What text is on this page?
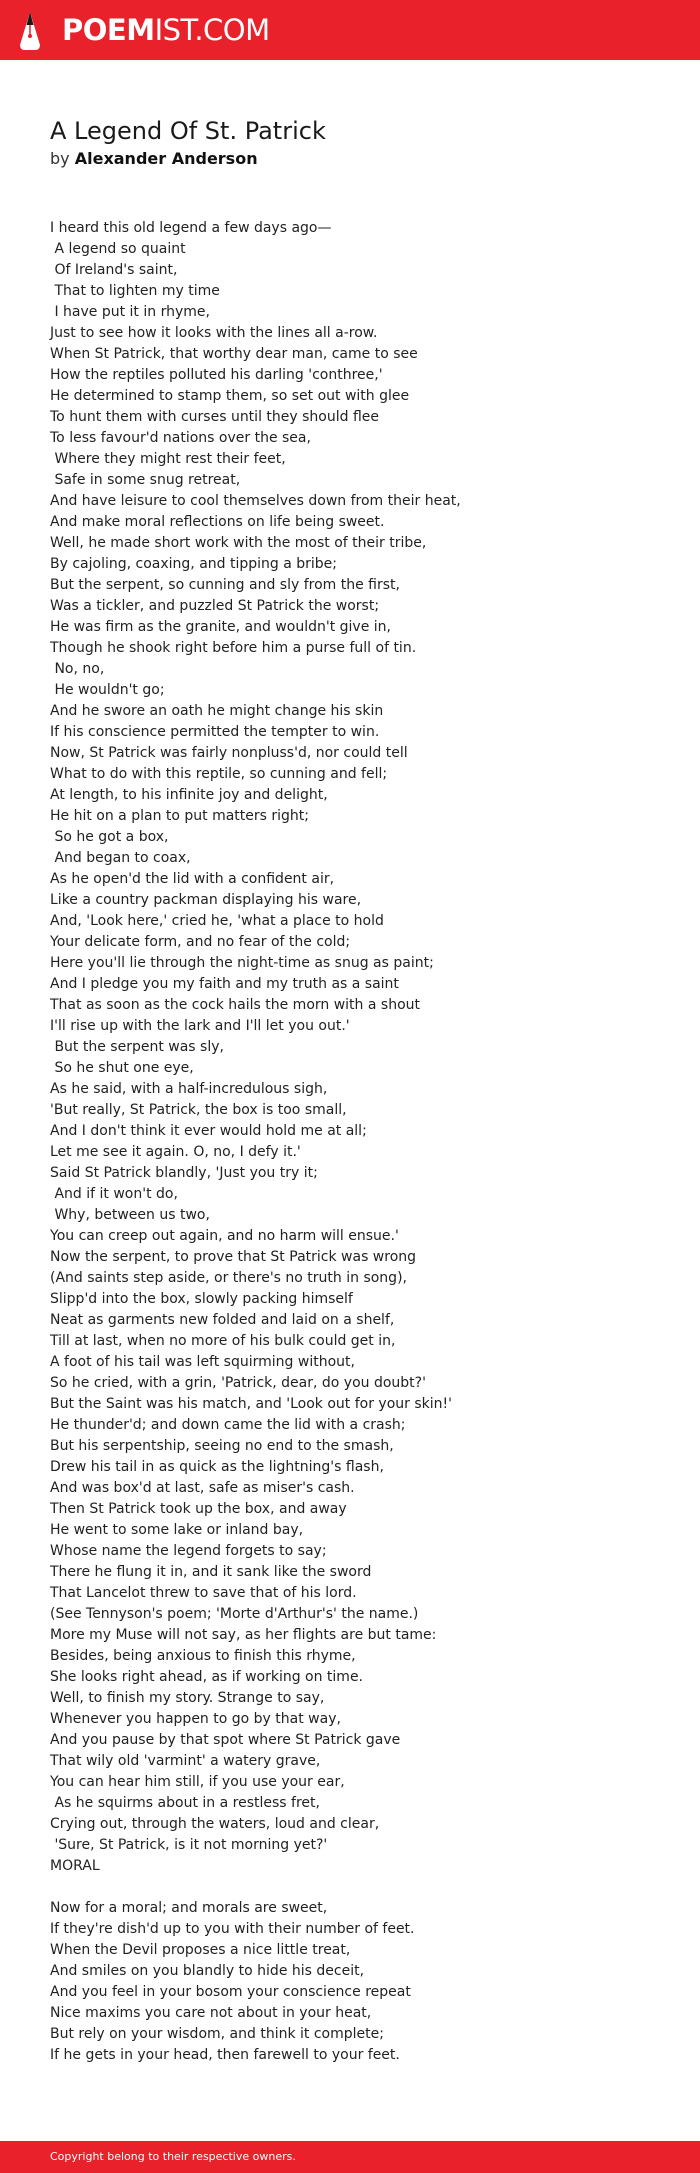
POEMIST.COM
A Legend Of St. Patrick
by Alexander Anderson
I heard this old legend a few days ago—
A legend so quaint
Of Ireland's saint,
That to lighten my time
I have put it in rhyme,
Just to see how it looks with the lines all a-row.
When St Patrick, that worthy dear man, came to see
How the reptiles polluted his darling 'conthree,'
He determined to stamp them, so set out with glee
To hunt them with curses until they should flee
To less favour'd nations over the sea,
Where they might rest their feet,
Safe in some snug retreat,
And have leisure to cool themselves down from their heat,
And make moral reflections on life being sweet.
Well, he made short work with the most of their tribe,
By cajoling, coaxing, and tipping a bribe;
But the serpent, so cunning and sly from the first,
Was a tickler, and puzzled St Patrick the worst;
He was firm as the granite, and wouldn't give in,
Though he shook right before him a purse full of tin.
No, no,
He wouldn't go;
And he swore an oath he might change his skin
If his conscience permitted the tempter to win.
Now, St Patrick was fairly nonpluss'd, nor could tell
What to do with this reptile, so cunning and fell;
At length, to his infinite joy and delight,
He hit on a plan to put matters right;
So he got a box,
And began to coax,
As he open'd the lid with a confident air,
Like a country packman displaying his ware,
And, 'Look here,' cried he, 'what a place to hold
Your delicate form, and no fear of the cold;
Here you'll lie through the night-time as snug as paint;
And I pledge you my faith and my truth as a saint
That as soon as the cock hails the morn with a shout
I'll rise up with the lark and I'll let you out.'
But the serpent was sly,
So he shut one eye,
As he said, with a half-incredulous sigh,
'But really, St Patrick, the box is too small,
And I don't think it ever would hold me at all;
Let me see it again. O, no, I defy it.'
Said St Patrick blandly, 'Just you try it;
And if it won't do,
Why, between us two,
You can creep out again, and no harm will ensue.'
Now the serpent, to prove that St Patrick was wrong
(And saints step aside, or there's no truth in song),
Slipp'd into the box, slowly packing himself
Neat as garments new folded and laid on a shelf,
Till at last, when no more of his bulk could get in,
A foot of his tail was left squirming without,
So he cried, with a grin, 'Patrick, dear, do you doubt?'
But the Saint was his match, and 'Look out for your skin!'
He thunder'd; and down came the lid with a crash;
But his serpentship, seeing no end to the smash,
Drew his tail in as quick as the lightning's flash,
And was box'd at last, safe as miser's cash.
Then St Patrick took up the box, and away
He went to some lake or inland bay,
Whose name the legend forgets to say;
There he flung it in, and it sank like the sword
That Lancelot threw to save that of his lord.
(See Tennyson's poem; 'Morte d'Arthur's' the name.)
More my Muse will not say, as her flights are but tame:
Besides, being anxious to finish this rhyme,
She looks right ahead, as if working on time.
Well, to finish my story. Strange to say,
Whenever you happen to go by that way,
And you pause by that spot where St Patrick gave
That wily old 'varmint' a watery grave,
You can hear him still, if you use your ear,
As he squirms about in a restless fret,
Crying out, through the waters, loud and clear,
'Sure, St Patrick, is it not morning yet?'
MORAL

Now for a moral; and morals are sweet,
If they're dish'd up to you with their number of feet.
When the Devil proposes a nice little treat,
And smiles on you blandly to hide his deceit,
And you feel in your bosom your conscience repeat
Nice maxims you care not about in your heat,
But rely on your wisdom, and think it complete;
If he gets in your head, then farewell to your feet.
Copyright belong to their respective owners.
